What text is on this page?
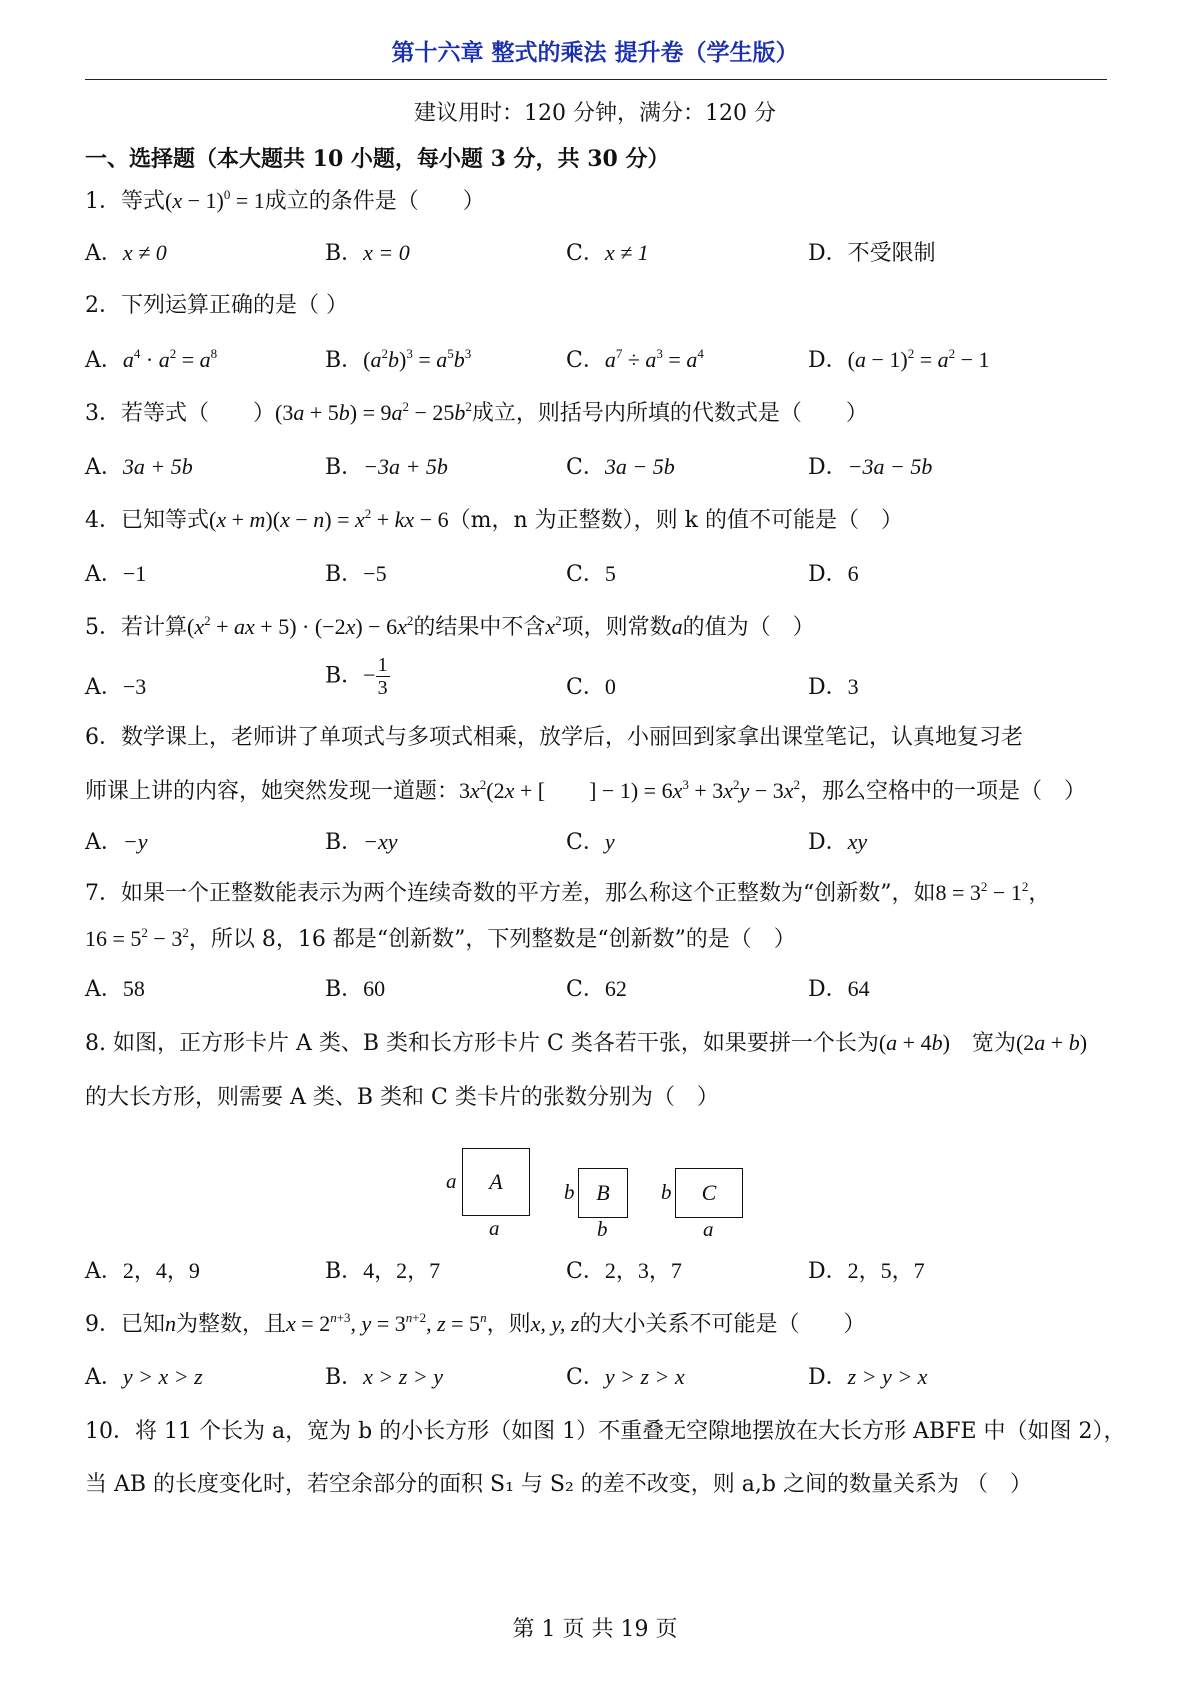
第十六章 整式的乘法 提升卷（学生版）
建议用时：120 分钟，满分：120 分
一、选择题（本大题共 10 小题，每小题 3 分，共 30 分）
1．等式$(x - 1)^0 = 1$成立的条件是（　　）
A．x ≠ 0	B．x = 0	C．x ≠ 1	D．不受限制
2．下列运算正确的是（ ）
A．$a^4 \cdot a^2 = a^8$	B．$(a^2b)^3 = a^5b^3$	C．$a^7 \div a^3 = a^4$	D．$(a - 1)^2 = a^2 - 1$
3．若等式（　　）$(3a + 5b) = 9a^2 - 25b^2$成立，则括号内所填的代数式是（　　）
A．3a + 5b	B．−3a + 5b	C．3a − 5b	D．−3a − 5b
4．已知等式$(x + m)(x - n) = x^2$ + kx − 6（m，n 为正整数），则 k 的值不可能是（　）
A．−1	B．−5	C．5	D．6
5．若计算($x^2$ + ax + $5) \cdot (-2x) - 6x^2$的结果中不含$x^2$项，则常数a的值为（　）
A．−3	B．− $\frac{1}{3}$	C．0	D．3
6．数学课上，老师讲了单项式与多项式相乘，放学后，小丽回到家拿出课堂笔记，认真地复习老
师课上讲的内容，她突然发现一道题：$3x^2(2x$ + [　　] − $1) = 6x^3 + 3x^2y - 3x^2$，那么空格中的一项是（　）
A．−y	B．−xy	C．y	D．xy
7．如果一个正整数能表示为两个连续奇数的平方差，那么称这个正整数为“创新数”，如$8 = 3^2 - 1^2$，
$16 = 5^2 - 3^2$，所以 8，16 都是“创新数”，下列整数是“创新数”的是（　）
A．58	B．60	C．62	D．64
8. 如图，正方形卡片 A 类、B 类和长方形卡片 C 类各若干张，如果要拼一个长为(a + 4b)　 宽为(2a + b)
的大长方形，则需要 A 类、B 类和 C 类卡片的张数分别为（　）
a	A
a
b B
b
b	C
a
A．2，4，9	B．4，2，7	C．2，3，7	D．2，5，7
9．已知n为整数，且$x = 2^{n+3}$, $y = 3^{n+2}$, $z = 5^n$，则x, y, z的大小关系不可能是（　　）
A．y > x > z	B．x > z > y	C．y > z > x	D．z > y > x
10．将 11 个长为 a，宽为 b 的小长方形（如图 1）不重叠无空隙地摆放在大长方形 ABFE 中（如图 2），
当 AB 的长度变化时，若空余部分的面积 S₁ 与 S₂ 的差不改变，则 a,b 之间的数量关系为 （　）
第 1 页 共 19 页
